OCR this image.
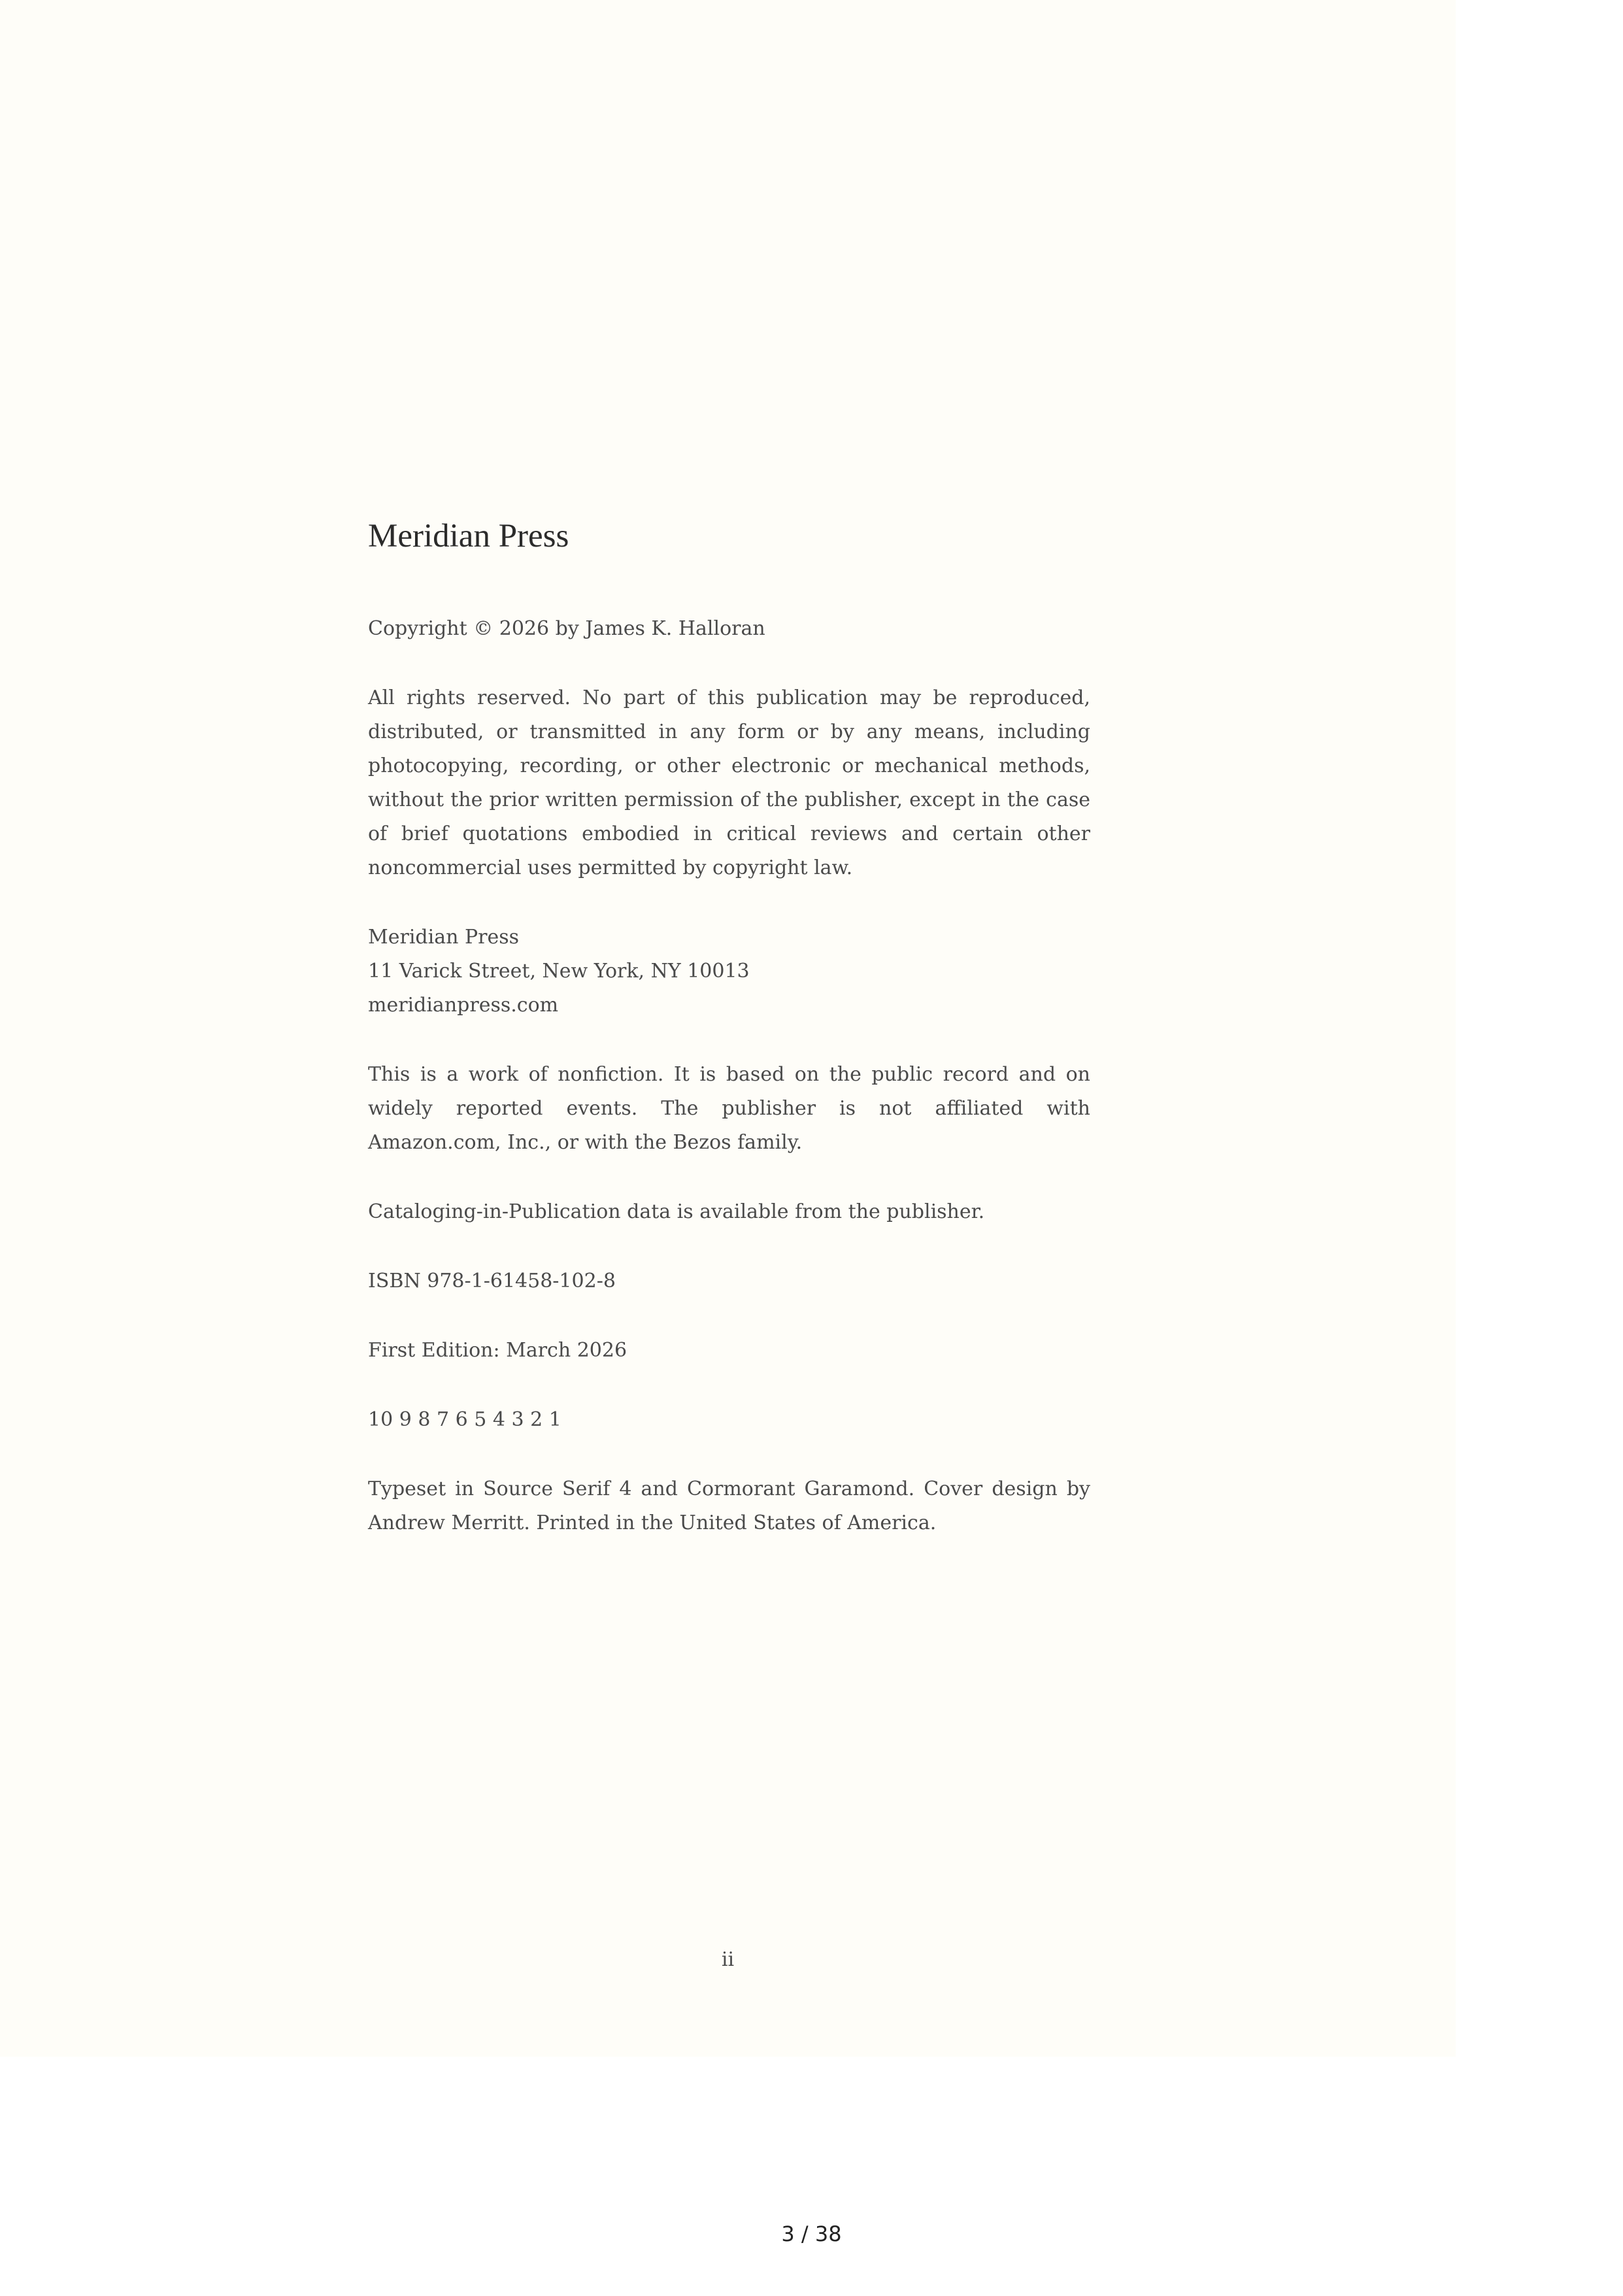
Meridian Press

Copyright © 2026 by James K. Halloran

All rights reserved. No part of this publication may be reproduced, distributed, or transmitted in any form or by any means, including photocopying, recording, or other electronic or mechanical methods, without the prior written permission of the publisher, except in the case of brief quotations embodied in critical reviews and certain other noncommercial uses permitted by copyright law.

Meridian Press
11 Varick Street, New York, NY 10013
meridianpress.com

This is a work of nonfiction. It is based on the public record and on widely reported events. The publisher is not affiliated with Amazon.com, Inc., or with the Bezos family.

Cataloging-in-Publication data is available from the publisher.

ISBN 978-1-61458-102-8

First Edition: March 2026

10 9 8 7 6 5 4 3 2 1

Typeset in Source Serif 4 and Cormorant Garamond. Cover design by Andrew Merritt. Printed in the United States of America.

ii
3 / 38
